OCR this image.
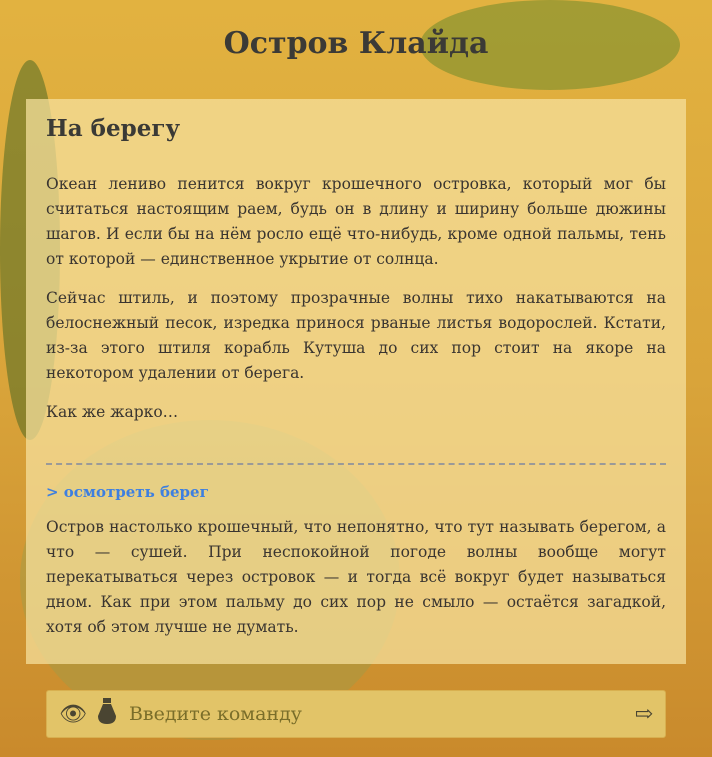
Остров Клайда
На берегу

Океан лениво пенится вокруг крошечного островка, который мог бы считаться настоящим раем, будь он в длину и ширину больше дюжины шагов. И если бы на нём росло ещё что-нибудь, кроме одной пальмы, тень от которой — единственное укрытие от солнца.

Сейчас штиль, и поэтому прозрачные волны тихо накатываются на белоснежный песок, изредка принося рваные листья водорослей. Кстати, из-за этого штиля корабль Кутуша до сих пор стоит на якоре на некотором удалении от берега.

Как же жарко…

> осмотреть берег

Остров настолько крошечный, что непонятно, что тут называть берегом, а что — сушей. При неспокойной погоде волны вообще могут перекатываться через островок — и тогда всё вокруг будет называться дном. Как при этом пальму до сих пор не смыло — остаётся загадкой, хотя об этом лучше не думать.

👁
Введите команду	⇨
